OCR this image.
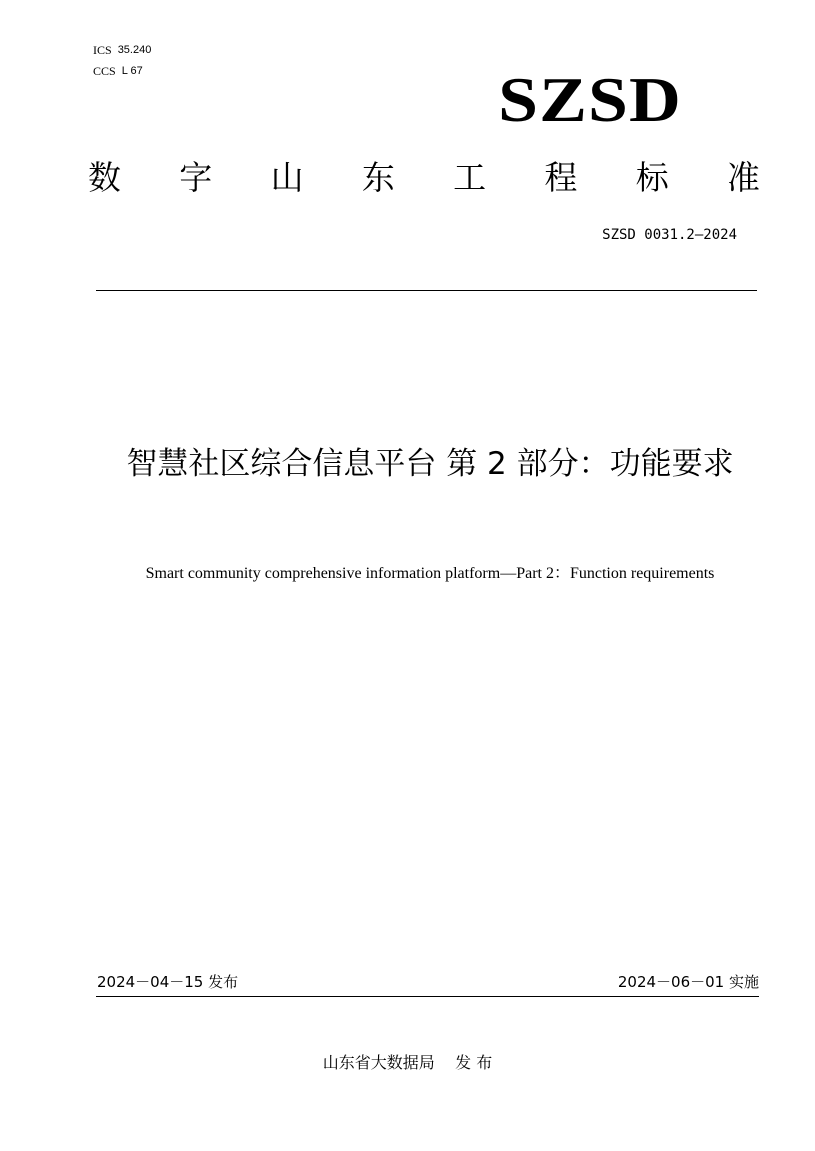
ICS 35.240
CCS L 67	SZSD
数 字 山 东 工 程 标 准
SZSD 0031.2—2024
智慧社区综合信息平台 第 2 部分：功能要求
Smart community comprehensive information platform—Part 2：Function requirements
2024－04－15 发布	2024－06－01 实施
山东省大数据局    发 布
